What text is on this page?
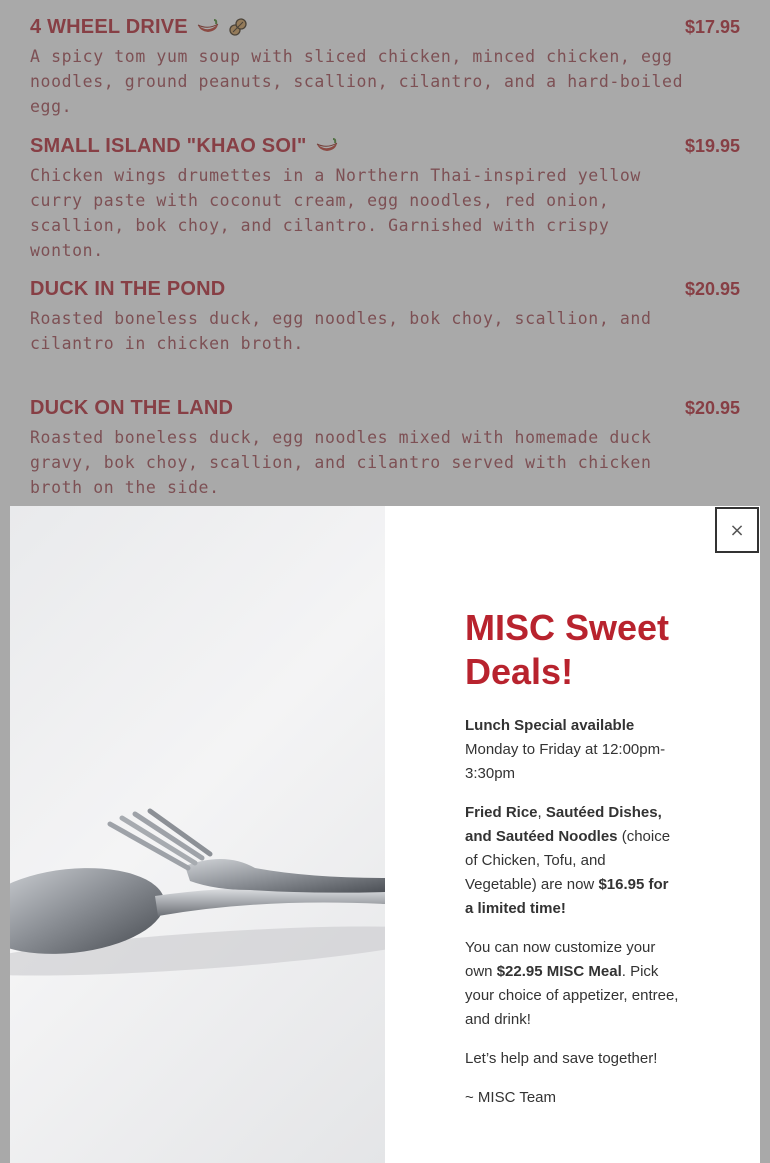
×
MISC Sweet Deals!

Lunch Special available
Monday to Friday at 12:00pm-3:30pm

Fried Rice, Sautéed Dishes, and Sautéed Noodles (choice of Chicken, Tofu, and Vegetable) are now $16.95 for a limited time!

You can now customize your own $22.95 MISC Meal. Pick your choice of appetizer, entree, and drink!

Let’s help and save together!

~ MISC Team
